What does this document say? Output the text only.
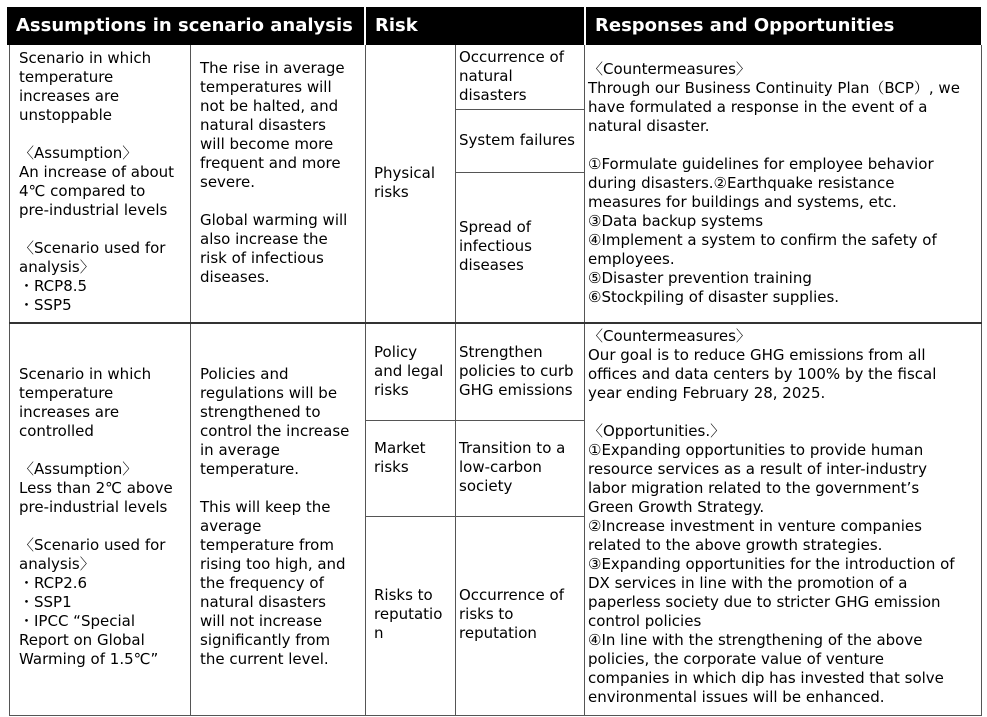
Assumptions in scenario analysis	Risk	Responses and Opportunities
Scenario in which
temperature
increases are
unstoppable
〈Assumption〉
An increase of about
4℃ compared to
pre-industrial levels
〈Scenario used for
analysis〉
・RCP8.5
・SSP5
The rise in average
temperatures will
not be halted, and
natural disasters
will become more
frequent and more
severe.
Global warming will
also increase the
risk of infectious
diseases.
Physical
risks
Occurrence of
natural
disasters
System failures
Spread of
infectious
diseases
〈Countermeasures〉
Through our Business Continuity Plan（BCP）, we
have formulated a response in the event of a
natural disaster.
①Formulate guidelines for employee behavior
during disasters.②Earthquake resistance
measures for buildings and systems, etc.
③Data backup systems
④Implement a system to confirm the safety of
employees.
⑤Disaster prevention training
⑥Stockpiling of disaster supplies.
Scenario in which
temperature
increases are
controlled
〈Assumption〉
Less than 2℃ above
pre-industrial levels
〈Scenario used for
analysis〉
・RCP2.6
・SSP1
・IPCC “Special
Report on Global
Warming of 1.5℃”
Policies and
regulations will be
strengthened to
control the increase
in average
temperature.
This will keep the
average
temperature from
rising too high, and
the frequency of
natural disasters
will not increase
significantly from
the current level.
Policy
and legal
risks
Strengthen
policies to curb
GHG emissions
Market
risks
Transition to a
low-carbon
society
Risks to
reputatio
n
Occurrence of
risks to
reputation
〈Countermeasures〉
Our goal is to reduce GHG emissions from all
offices and data centers by 100% by the fiscal
year ending February 28, 2025.
〈Opportunities.〉
①Expanding opportunities to provide human
resource services as a result of inter-industry
labor migration related to the government’s
Green Growth Strategy.
②Increase investment in venture companies
related to the above growth strategies.
③Expanding opportunities for the introduction of
DX services in line with the promotion of a
paperless society due to stricter GHG emission
control policies
④In line with the strengthening of the above
policies, the corporate value of venture
companies in which dip has invested that solve
environmental issues will be enhanced.
